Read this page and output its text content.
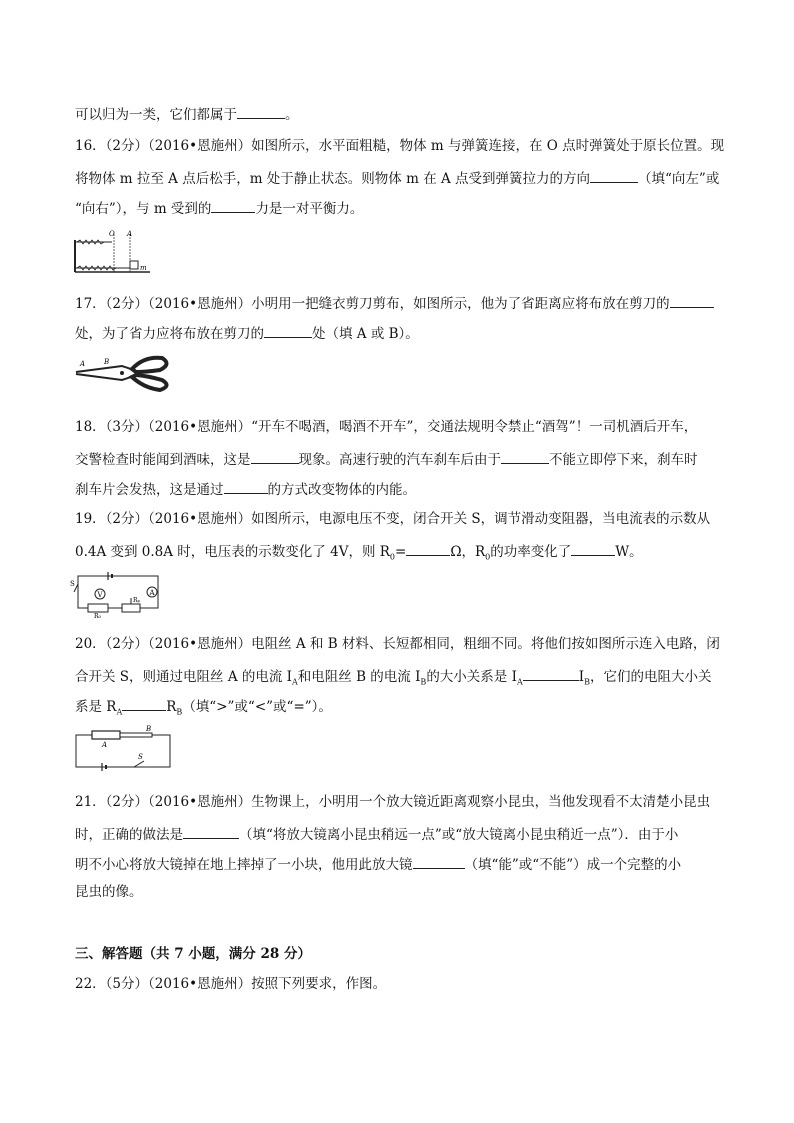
可以归为一类，它们都属于	。
16．（2分）（2016•恩施州）如图所示，水平面粗糙，物体 m 与弹簧连接，在 O 点时弹簧处于原长位置。现
将物体 m 拉至 A 点后松手，m 处于静止状态。则物体 m 在 A 点受到弹簧拉力的方向	（填“向左”或
“向右”），与 m 受到的	力是一对平衡力。
O A
m
17．（2分）（2016•恩施州）小明用一把缝衣剪刀剪布，如图所示，他为了省距离应将布放在剪刀的
处，为了省力应将布放在剪刀的	处（填 A 或 B）。
A	B
18．（3分）（2016•恩施州）“开车不喝酒，喝酒不开车”，交通法规明令禁止“酒驾”！一司机酒后开车，
交警检查时能闻到酒味，这是	现象。高速行驶的汽车刹车后由于	不能立即停下来，刹车时
刹车片会发热，这是通过	的方式改变物体的内能。
19．（2分）（2016•恩施州）如图所示，电源电压不变，闭合开关 S，调节滑动变阻器，当电流表的示数从
0.4A 变到 0.8A 时，电压表的示数变化了 4V，则 $R_0=$	Ω，$R_0$的功率变化了	W。
A
V
S
Rₚ
R₀
20．（2分）（2016•恩施州）电阻丝 A 和 B 材料、长短都相同，粗细不同。将他们按如图所示连入电路，闭
合开关 S，则通过电阻丝 A 的电流 $I_A$和电阻丝 B 的电流 $I_B$的大小关系是 $I_A$	$I_B$，它们的电阻大小关
系是 $R_A$	$R_B$（填“>”或“<”或“=”）。
A
B
S
21．（2分）（2016•恩施州）生物课上，小明用一个放大镜近距离观察小昆虫，当他发现看不太清楚小昆虫
时，正确的做法是	（填“将放大镜离小昆虫稍远一点”或“放大镜离小昆虫稍近一点”）．由于小
明不小心将放大镜掉在地上摔掉了一小块，他用此放大镜	（填“能”或“不能”）成一个完整的小
昆虫的像。
三、解答题（共 7 小题，满分 28 分）
22．（5分）（2016•恩施州）按照下列要求，作图。
